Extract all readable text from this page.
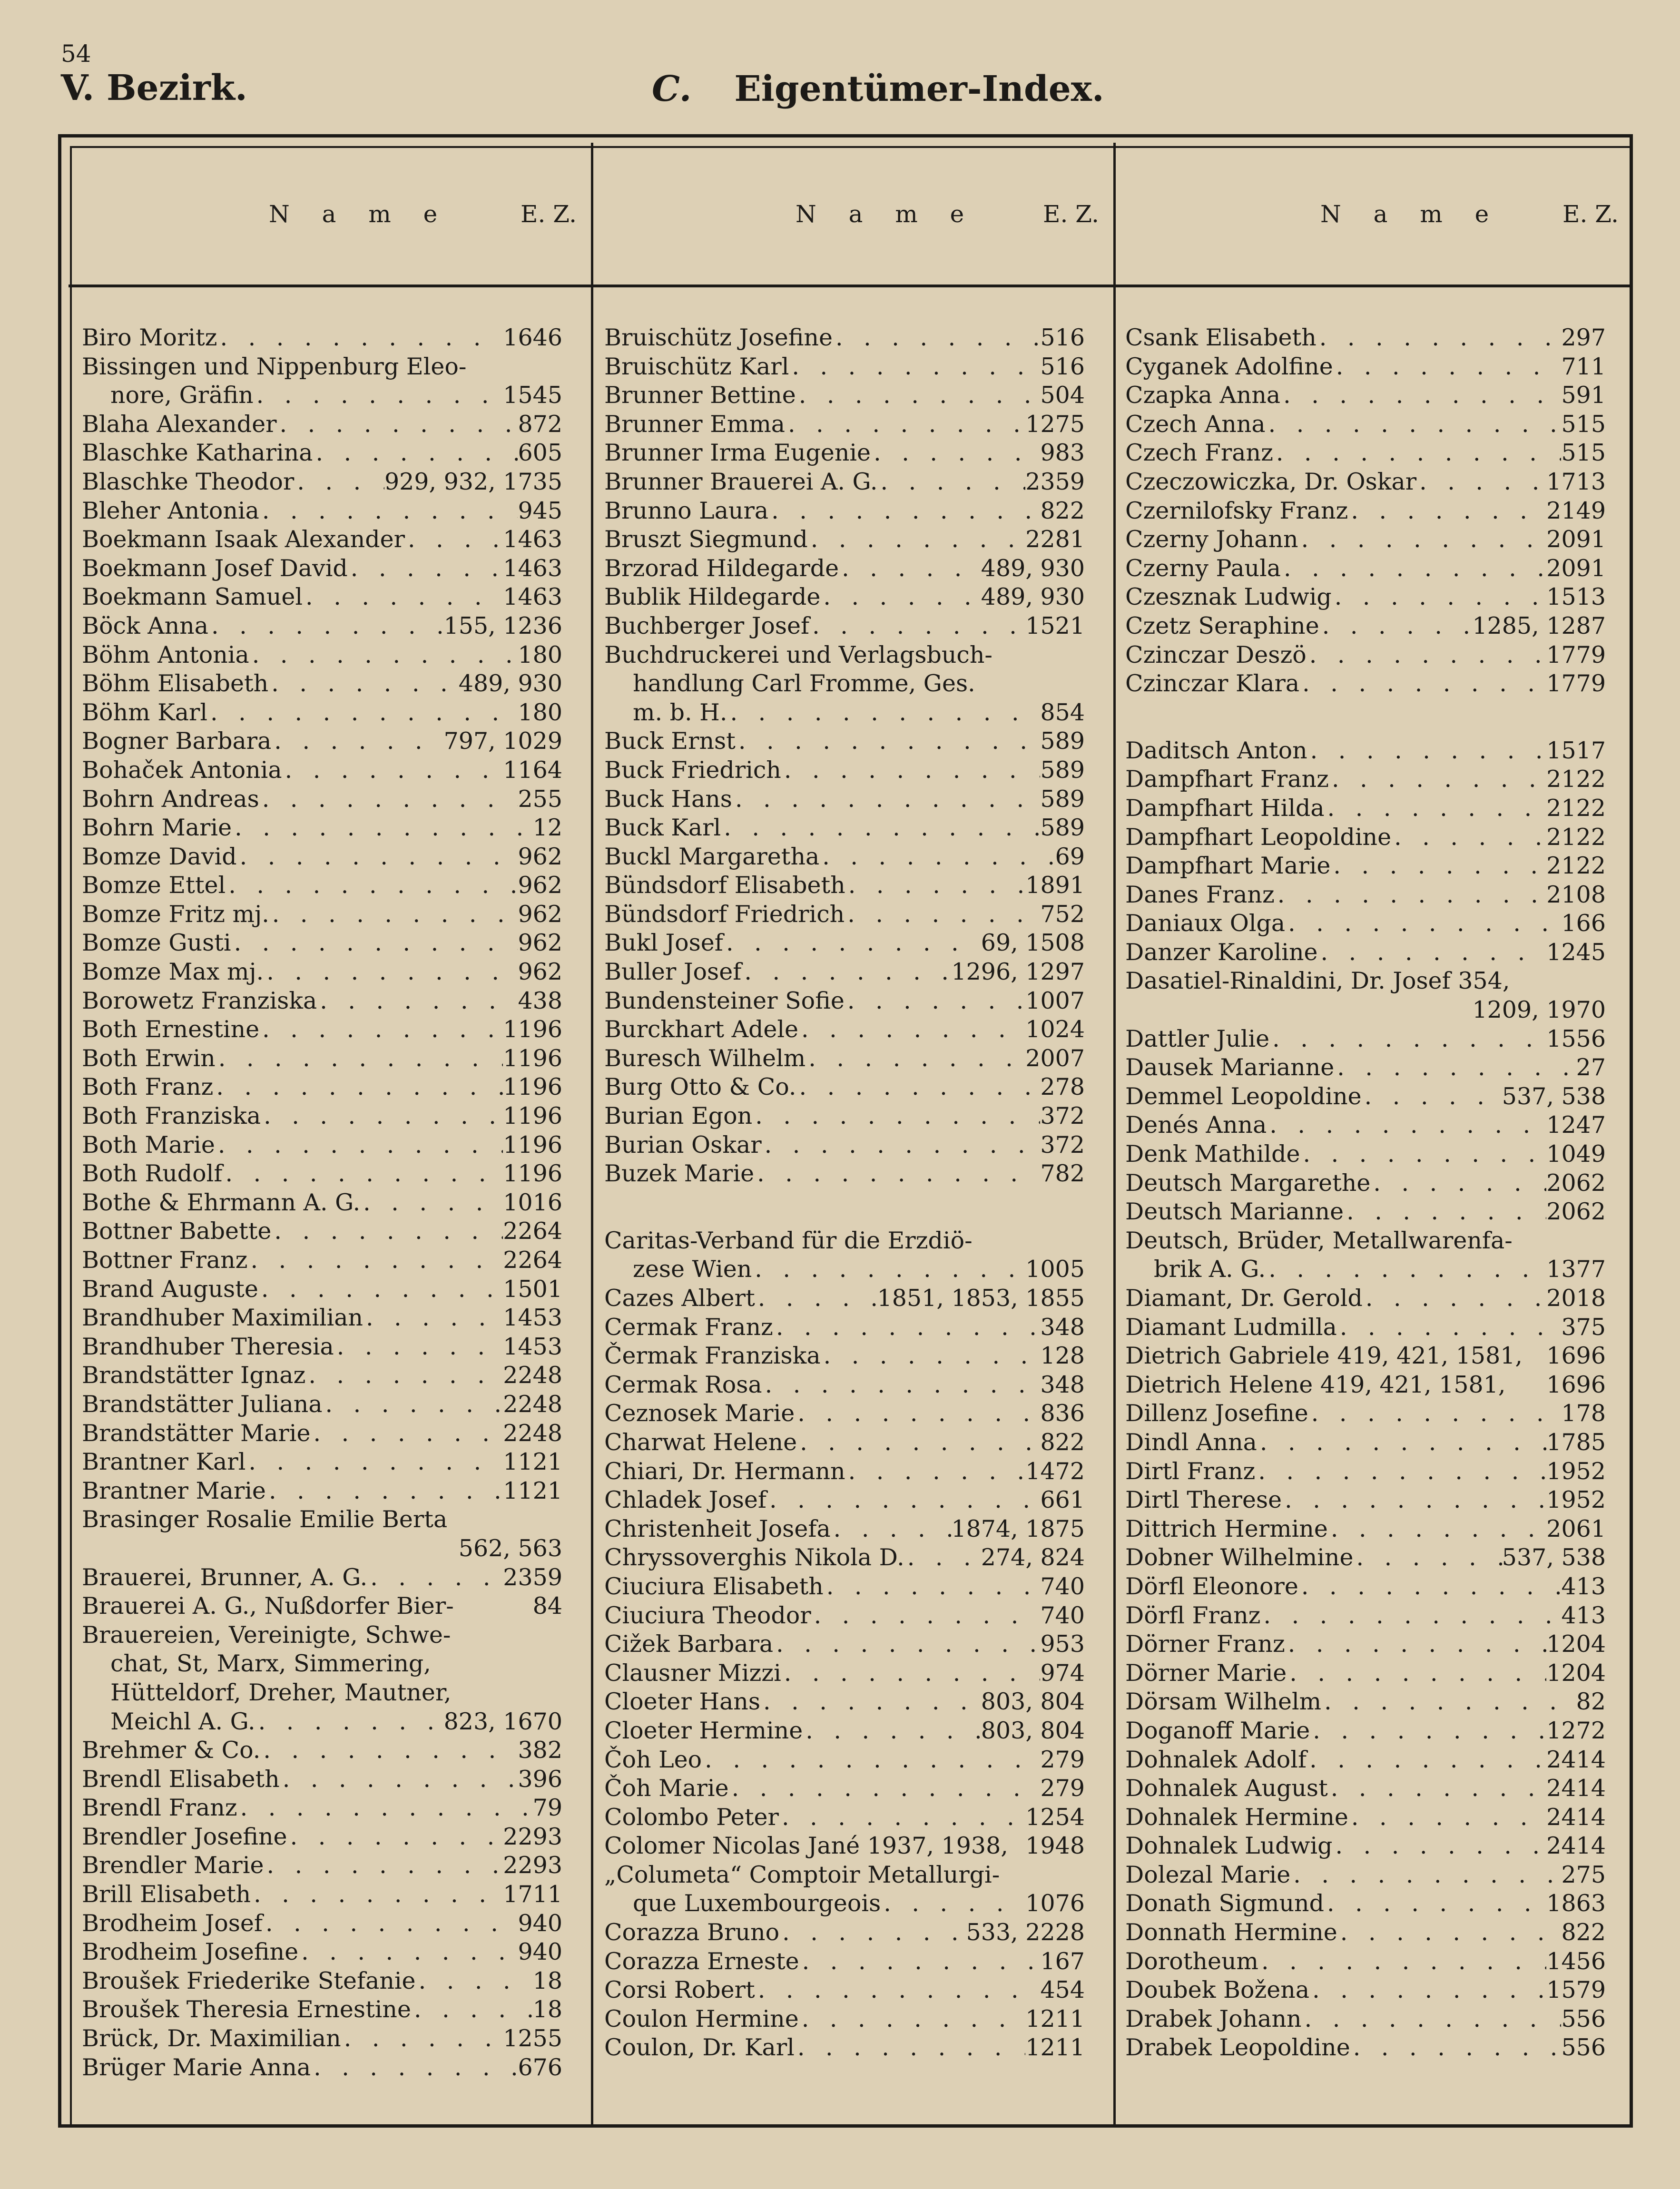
54
V. Bezirk.	C. Eigentümer-Index.
N a m e	E. Z.	N a m e	E. Z.	N a m e	E. Z.
Biro Moritz . . .	1646
Bissingen und Nippenburg Eleo-
nore, Gräfin . . .	1545
Blaha Alexander . . .	872
Blaschke Katharina . . .	605
Blaschke Theodor . . .	929, 932, 1735
Bleher Antonia . . .	945
Boekmann Isaak Alexander . . .	1463
Boekmann Josef David . . .	1463
Boekmann Samuel . . .	1463
Böck Anna . . .	155, 1236
Böhm Antonia . . .	180
Böhm Elisabeth . . .	489, 930
Böhm Karl . . .	180
Bogner Barbara . . .	797, 1029
Bohaček Antonia . . .	1164
Bohrn Andreas . . .	255
Bohrn Marie . . .	12
Bomze David . . .	962
Bomze Ettel . . .	962
Bomze Fritz mj. . . .	962
Bomze Gusti . . .	962
Bomze Max mj. . . .	962
Borowetz Franziska . . .	438
Both Ernestine . . .	1196
Both Erwin . . .	1196
Both Franz . . .	1196
Both Franziska . . .	1196
Both Marie . . .	1196
Both Rudolf . . .	1196
Bothe & Ehrmann A. G. . . .	1016
Bottner Babette . . .	2264
Bottner Franz . . .	2264
Brand Auguste . . .	1501
Brandhuber Maximilian . . .	1453
Brandhuber Theresia . . .	1453
Brandstätter Ignaz . . .	2248
Brandstätter Juliana . . .	2248
Brandstätter Marie . . .	2248
Brantner Karl . . .	1121
Brantner Marie . . .	1121
Brasinger Rosalie Emilie Berta
562, 563
Brauerei, Brunner, A. G. . . .	2359
Brauerei A. G., Nußdorfer Bier-	84
Brauereien, Vereinigte, Schwe-
chat, St, Marx, Simmering,
Hütteldorf, Dreher, Mautner,
Meichl A. G. . . .	823, 1670
Brehmer & Co. . . .	382
Brendl Elisabeth . . .	396
Brendl Franz . . .	79
Brendler Josefine . . .	2293
Brendler Marie . . .	2293
Brill Elisabeth . . .	1711
Brodheim Josef . . .	940
Brodheim Josefine . . .	940
Broušek Friederike Stefanie . . .	18
Broušek Theresia Ernestine . . .	18
Brück, Dr. Maximilian . . .	1255
Brüger Marie Anna . . .	676
Bruischütz Josefine . . .	516
Bruischütz Karl . . .	516
Brunner Bettine . . .	504
Brunner Emma . . .	1275
Brunner Irma Eugenie . . .	983
Brunner Brauerei A. G. . . .	2359
Brunno Laura . . .	822
Bruszt Siegmund . . .	2281
Brzorad Hildegarde . . .	489, 930
Bublik Hildegarde . . .	489, 930
Buchberger Josef . . .	1521
Buchdruckerei und Verlagsbuch-
handlung Carl Fromme, Ges.
m. b. H. . . .	854
Buck Ernst . . .	589
Buck Friedrich . . .	589
Buck Hans . . .	589
Buck Karl . . .	589
Buckl Margaretha . . .	69
Bündsdorf Elisabeth . . .	1891
Bündsdorf Friedrich . . .	752
Bukl Josef . . .	69, 1508
Buller Josef . . .	1296, 1297
Bundensteiner Sofie . . .	1007
Burckhart Adele . . .	1024
Buresch Wilhelm . . .	2007
Burg Otto & Co. . . .	278
Burian Egon . . .	372
Burian Oskar . . .	372
Buzek Marie . . .	782
Caritas-Verband für die Erzdiö-
zese Wien . . .	1005
Cazes Albert . . .	1851, 1853, 1855
Cermak Franz . . .	348
Čermak Franziska . . .	128
Cermak Rosa . . .	348
Ceznosek Marie . . .	836
Charwat Helene . . .	822
Chiari, Dr. Hermann . . .	1472
Chladek Josef . . .	661
Christenheit Josefa . . .	1874, 1875
Chryssoverghis Nikola D. . . .	274, 824
Ciuciura Elisabeth . . .	740
Ciuciura Theodor . . .	740
Cižek Barbara . . .	953
Clausner Mizzi . . .	974
Cloeter Hans . . .	803, 804
Cloeter Hermine . . .	803, 804
Čoh Leo . . .	279
Čoh Marie . . .	279
Colombo Peter . . .	1254
Colomer Nicolas Jané 1937, 1938, 1948
„Columeta“ Comptoir Metallurgi-
que Luxembourgeois . . .	1076
Corazza Bruno . . .	533, 2228
Corazza Erneste . . .	167
Corsi Robert . . .	454
Coulon Hermine . . .	1211
Coulon, Dr. Karl . . .	1211
Csank Elisabeth . . .	297
Cyganek Adolfine . . .	711
Czapka Anna . . .	591
Czech Anna . . .	515
Czech Franz . . .	515
Czeczowiczka, Dr. Oskar . . .	1713
Czernilofsky Franz . . .	2149
Czerny Johann . . .	2091
Czerny Paula . . .	2091
Czesznak Ludwig . . .	1513
Czetz Seraphine . . .	1285, 1287
Czinczar Deszö . . .	1779
Czinczar Klara . . .	1779
Daditsch Anton . . .	1517
Dampfhart Franz . . .	2122
Dampfhart Hilda . . .	2122
Dampfhart Leopoldine . . .	2122
Dampfhart Marie . . .	2122
Danes Franz . . .	2108
Daniaux Olga . . .	166
Danzer Karoline . . .	1245
Dasatiel-Rinaldini, Dr. Josef 354,
1209, 1970
Dattler Julie . . .	1556
Dausek Marianne . . .	27
Demmel Leopoldine . . .	537, 538
Denés Anna . . .	1247
Denk Mathilde . . .	1049
Deutsch Margarethe . . .	2062
Deutsch Marianne . . .	2062
Deutsch, Brüder, Metallwarenfa-
brik A. G. . . .	1377
Diamant, Dr. Gerold . . .	2018
Diamant Ludmilla . . .	375
Dietrich Gabriele 419, 421, 1581, 1696
Dietrich Helene 419, 421, 1581, 1696
Dillenz Josefine . . .	178
Dindl Anna . . .	1785
Dirtl Franz . . .	1952
Dirtl Therese . . .	1952
Dittrich Hermine . . .	2061
Dobner Wilhelmine . . .	537, 538
Dörfl Eleonore . . .	413
Dörfl Franz . . .	413
Dörner Franz . . .	1204
Dörner Marie . . .	1204
Dörsam Wilhelm . . .	82
Doganoff Marie . . .	1272
Dohnalek Adolf . . .	2414
Dohnalek August . . .	2414
Dohnalek Hermine . . .	2414
Dohnalek Ludwig . . .	2414
Dolezal Marie . . .	275
Donath Sigmund . . .	1863
Donnath Hermine . . .	822
Dorotheum . . .	1456
Doubek Božena . . .	1579
Drabek Johann . . .	556
Drabek Leopoldine . . .	556
